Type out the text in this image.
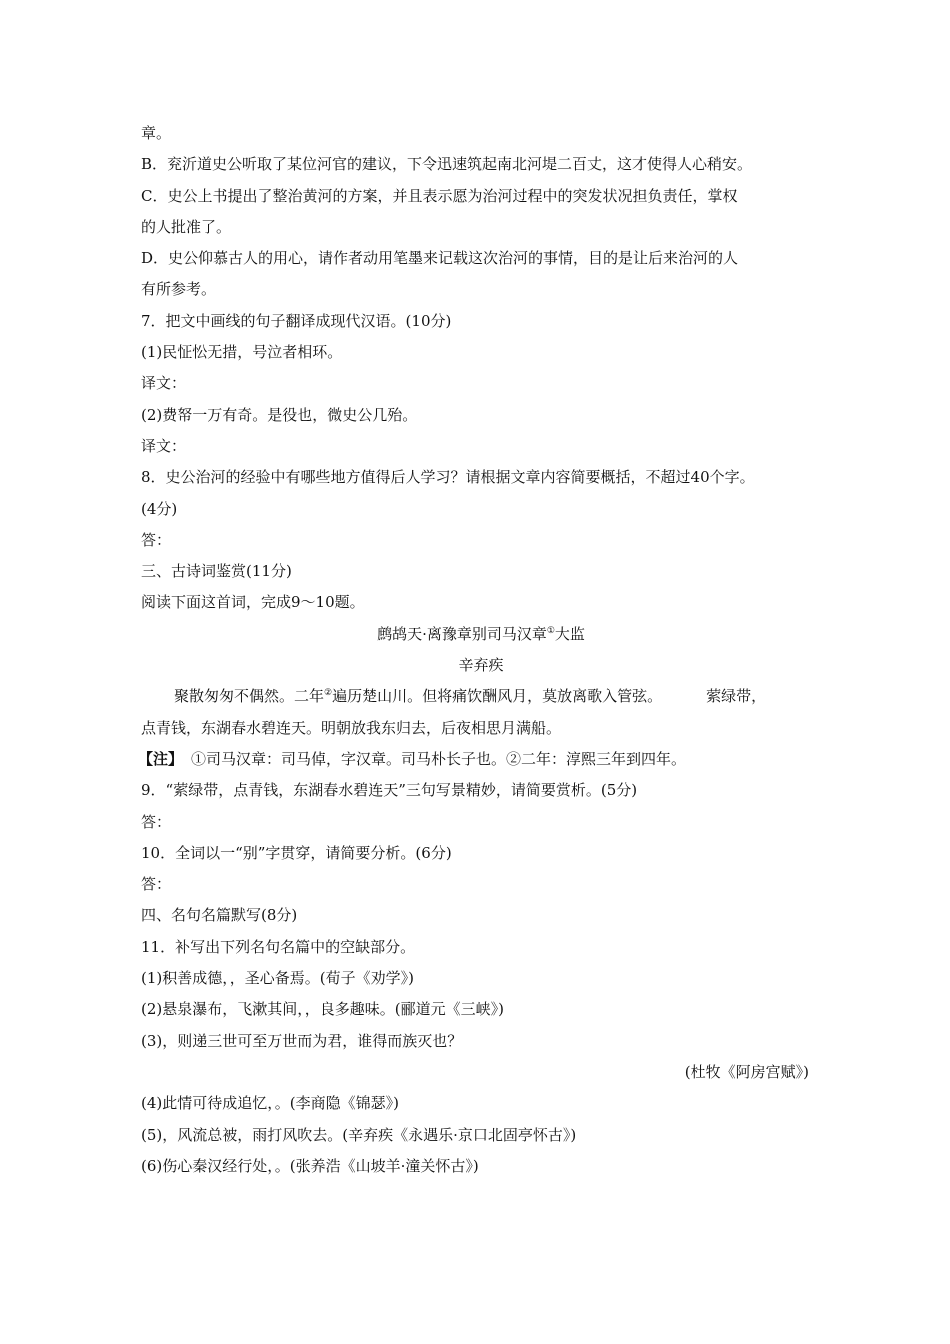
章。
B．兖沂道史公听取了某位河官的建议，下令迅速筑起南北河堤二百丈，这才使得人心稍安。
C．史公上书提出了整治黄河的方案，并且表示愿为治河过程中的突发状况担负责任，掌权
的人批准了。
D．史公仰慕古人的用心，请作者动用笔墨来记载这次治河的事情，目的是让后来治河的人
有所参考。
7．把文中画线的句子翻译成现代汉语。(10分)
(1)民怔忪无措，号泣者相环。
译文：
(2)费帑一万有奇。是役也，微史公几殆。
译文：
8．史公治河的经验中有哪些地方值得后人学习？请根据文章内容简要概括，不超过40个字。
(4分)
答：
三、古诗词鉴赏(11分)
阅读下面这首词，完成9～10题。
鹧鸪天·离豫章别司马汉章①大监
辛弃疾
聚散匆匆不偶然。二年②遍历楚山川。但将痛饮酬风月，莫放离歌入管弦。	萦绿带，
点青钱，东湖春水碧连天。明朝放我东归去，后夜相思月满船。
【注】 ①司马汉章：司马倬，字汉章。司马朴长子也。②二年：淳熙三年到四年。
9．“萦绿带，点青钱，东湖春水碧连天”三句写景精妙，请简要赏析。(5分)
答：
10．全词以一“别”字贯穿，请简要分析。(6分)
答：
四、名句名篇默写(8分)
11．补写出下列名句名篇中的空缺部分。
(1)积善成德，，圣心备焉。(荀子《劝学》)
(2)悬泉瀑布，飞漱其间，，良多趣味。(郦道元《三峡》)
(3)，则递三世可至万世而为君，谁得而族灭也？
(杜牧《阿房宫赋》)
(4)此情可待成追忆，。(李商隐《锦瑟》)
(5)，风流总被，雨打风吹去。(辛弃疾《永遇乐·京口北固亭怀古》)
(6)伤心秦汉经行处，。(张养浩《山坡羊·潼关怀古》)
